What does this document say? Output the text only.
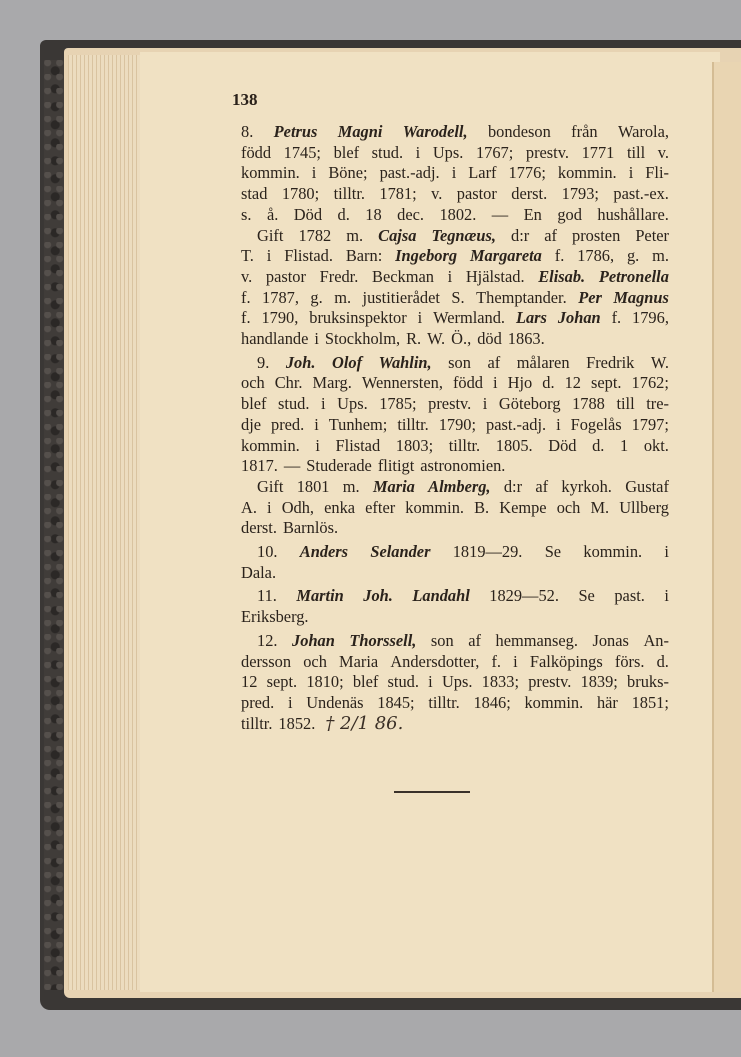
138
8. Petrus Magni Warodell, bondeson från Warola,
född 1745; blef stud. i Ups. 1767; prestv. 1771 till v.
kommin. i Böne; past.-adj. i Larf 1776; kommin. i Fli-
stad 1780; tilltr. 1781; v. pastor derst. 1793; past.-ex.
s. å. Död d. 18 dec. 1802. — En god hushållare.
Gift 1782 m. Cajsa Tegnæus, d:r af prosten Peter
T. i Flistad. Barn: Ingeborg Margareta f. 1786, g. m.
v. pastor Fredr. Beckman i Hjälstad. Elisab. Petronella
f. 1787, g. m. justitierådet S. Themptander. Per Magnus
f. 1790, bruksinspektor i Wermland. Lars Johan f. 1796,
handlande i Stockholm, R. W. Ö., död 1863.
9. Joh. Olof Wahlin, son af målaren Fredrik W.
och Chr. Marg. Wennersten, född i Hjo d. 12 sept. 1762;
blef stud. i Ups. 1785; prestv. i Göteborg 1788 till tre-
dje pred. i Tunhem; tilltr. 1790; past.-adj. i Fogelås 1797;
kommin. i Flistad 1803; tilltr. 1805. Död d. 1 okt.
1817. — Studerade flitigt astronomien.
Gift 1801 m. Maria Almberg, d:r af kyrkoh. Gustaf
A. i Odh, enka efter kommin. B. Kempe och M. Ullberg
derst. Barnlös.
10. Anders Selander 1819—29. Se kommin. i
Dala.
11. Martin Joh. Landahl 1829—52. Se past. i
Eriksberg.
12. Johan Thorssell, son af hemmanseg. Jonas An-
dersson och Maria Andersdotter, f. i Falköpings förs. d.
12 sept. 1810; blef stud. i Ups. 1833; prestv. 1839; bruks-
pred. i Undenäs 1845; tilltr. 1846; kommin. här 1851;
tilltr. 1852. † 2/1 86.
